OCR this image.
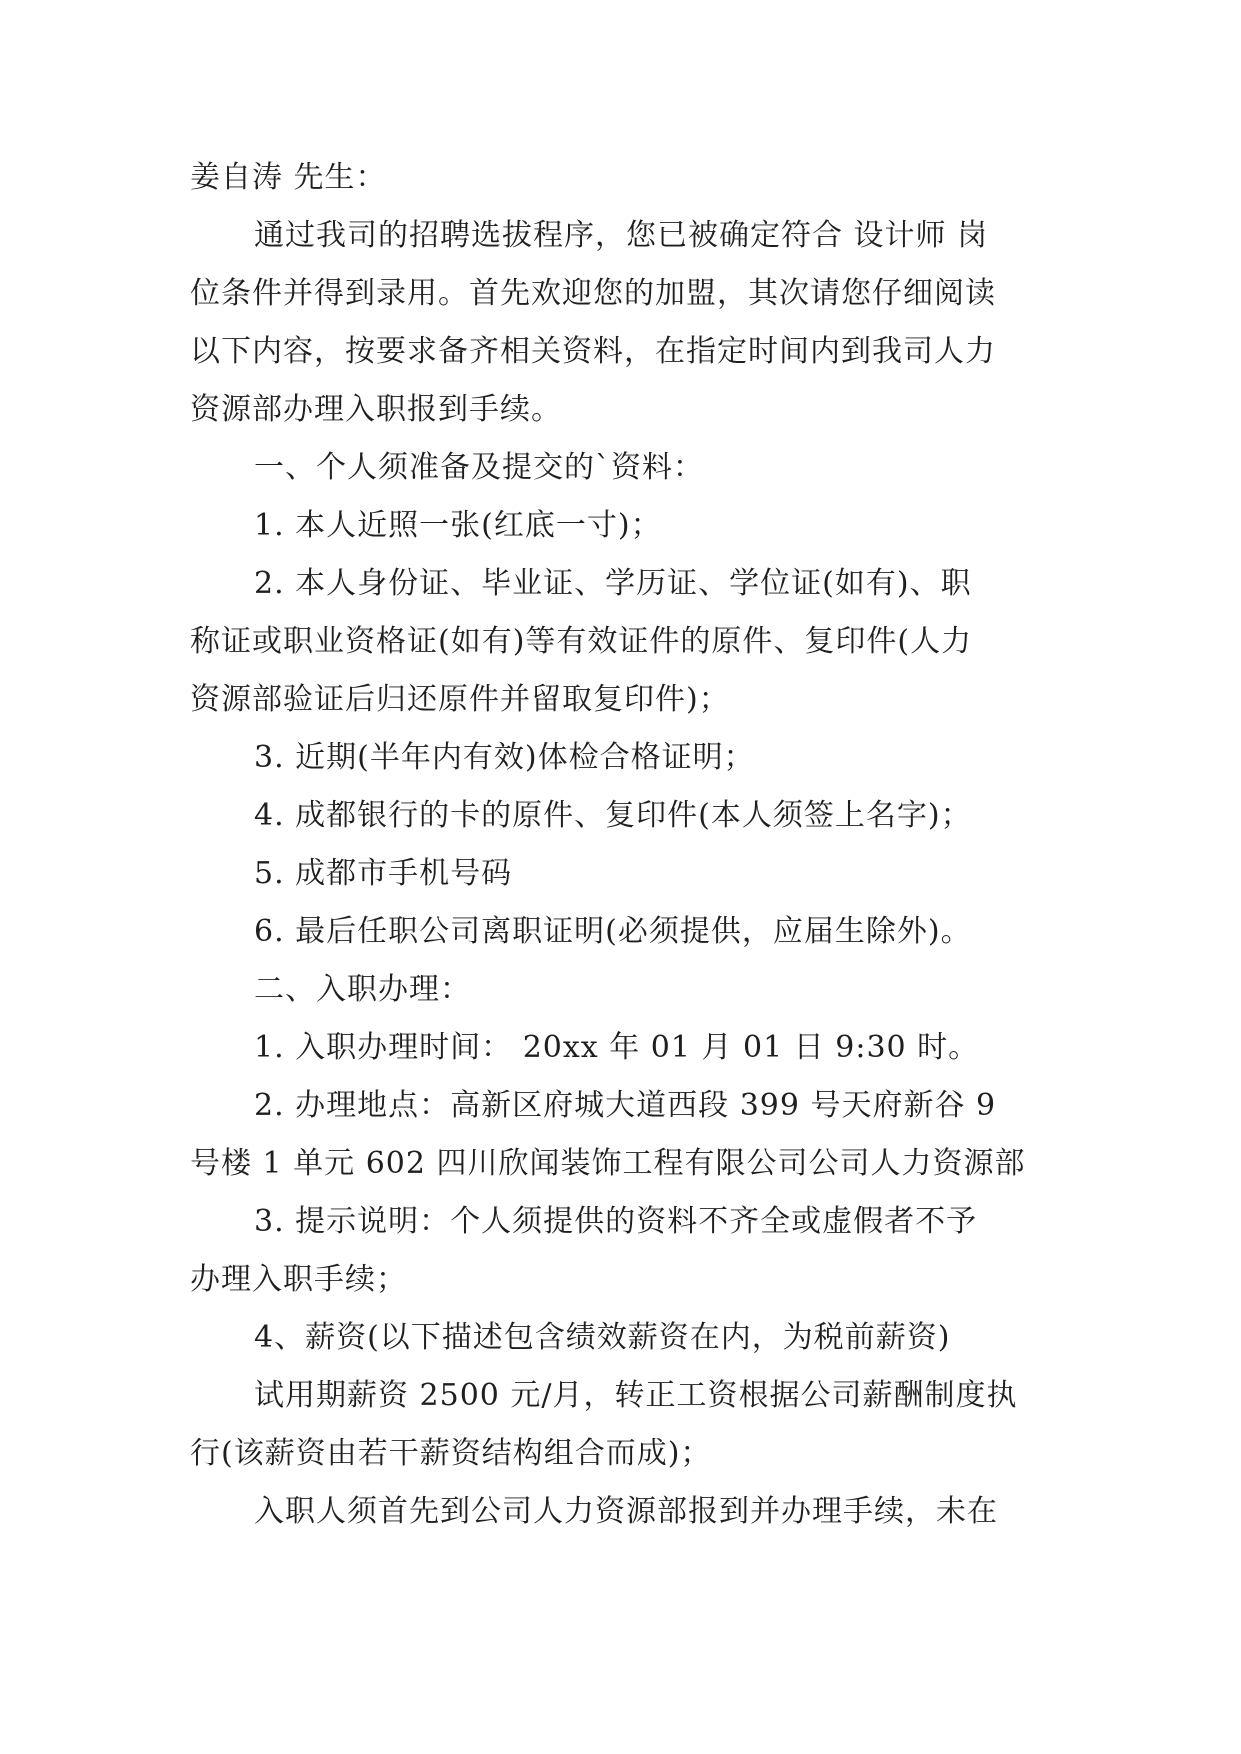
姜自涛 先生：
通过我司的招聘选拔程序，您已被确定符合 设计师 岗
位条件并得到录用。首先欢迎您的加盟，其次请您仔细阅读
以下内容，按要求备齐相关资料，在指定时间内到我司人力
资源部办理入职报到手续。
一、个人须准备及提交的`资料：
1. 本人近照一张(红底一寸)；
2. 本人身份证、毕业证、学历证、学位证(如有)、职
称证或职业资格证(如有)等有效证件的原件、复印件(人力
资源部验证后归还原件并留取复印件)；
3. 近期(半年内有效)体检合格证明；
4. 成都银行的卡的原件、复印件(本人须签上名字)；
5. 成都市手机号码
6. 最后任职公司离职证明(必须提供，应届生除外)。
二、入职办理：
1. 入职办理时间： 20xx 年 01 月 01 日 9:30 时。
2. 办理地点：高新区府城大道西段 399 号天府新谷 9
号楼 1 单元 602 四川欣闻装饰工程有限公司公司人力资源部
3. 提示说明：个人须提供的资料不齐全或虚假者不予
办理入职手续；
4、薪资(以下描述包含绩效薪资在内，为税前薪资)
试用期薪资 2500 元/月，转正工资根据公司薪酬制度执
行(该薪资由若干薪资结构组合而成)；
入职人须首先到公司人力资源部报到并办理手续，未在
